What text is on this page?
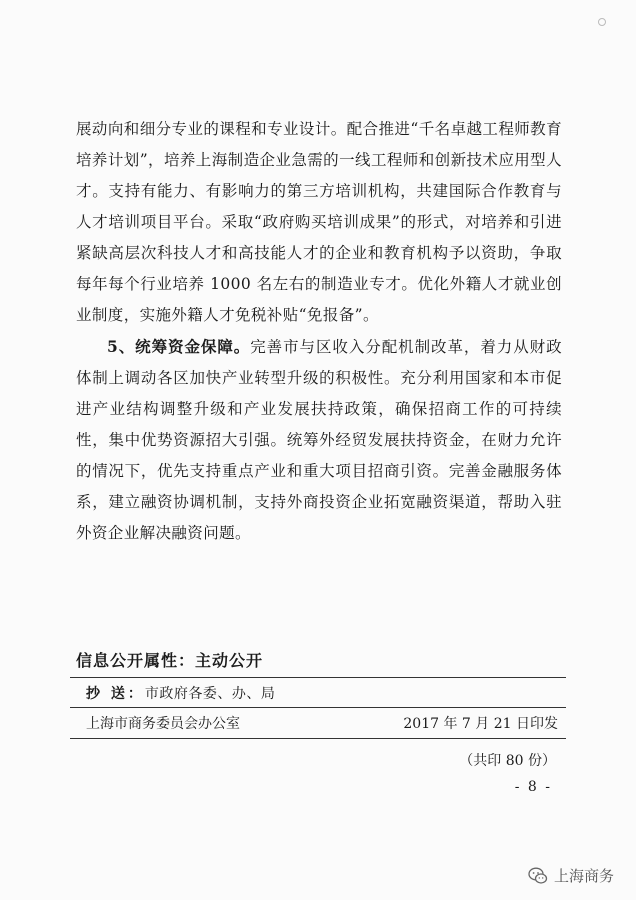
展动向和细分专业的课程和专业设计。配合推进“千名卓越工程师教育培养计划”，培养上海制造企业急需的一线工程师和创新技术应用型人才。支持有能力、有影响力的第三方培训机构，共建国际合作教育与人才培训项目平台。采取“政府购买培训成果”的形式，对培养和引进紧缺高层次科技人才和高技能人才的企业和教育机构予以资助，争取每年每个行业培养 1000 名左右的制造业专才。优化外籍人才就业创业制度，实施外籍人才免税补贴“免报备”。

5、统筹资金保障。完善市与区收入分配机制改革，着力从财政体制上调动各区加快产业转型升级的积极性。充分利用国家和本市促进产业结构调整升级和产业发展扶持政策，确保招商工作的可持续性，集中优势资源招大引强。统筹外经贸发展扶持资金，在财力允许的情况下，优先支持重点产业和重大项目招商引资。完善金融服务体系，建立融资协调机制，支持外商投资企业拓宽融资渠道，帮助入驻外资企业解决融资问题。

信息公开属性：主动公开
抄 送：市政府各委、办、局
上海市商务委员会办公室	2017 年 7 月 21 日印发
（共印 80 份）
- 8 -
上海商务
